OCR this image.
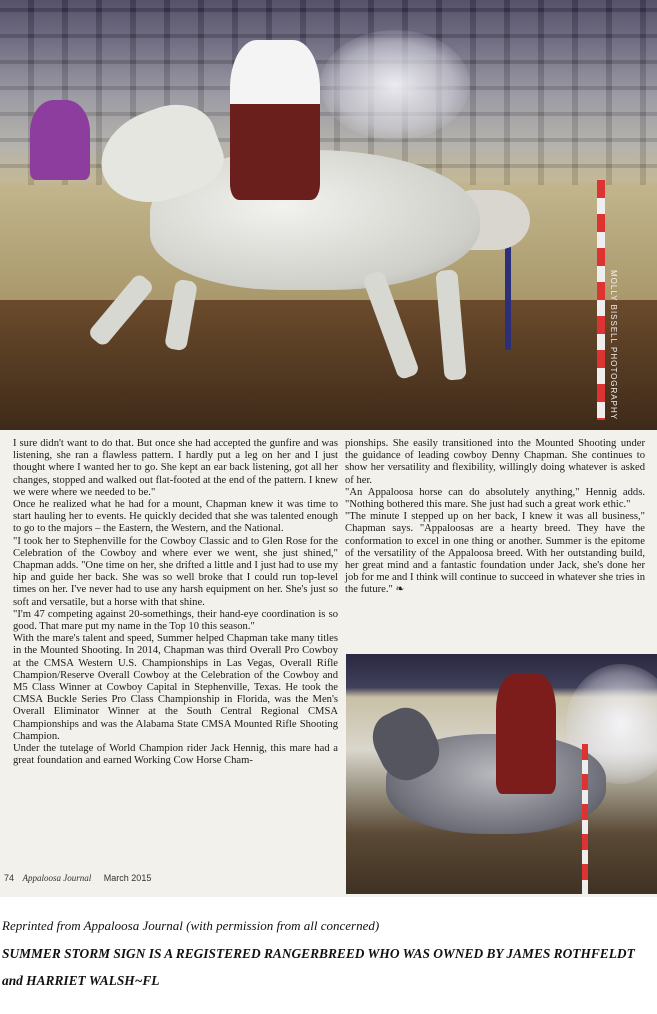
MOLLY BISSELL PHOTOGRAPHY
I sure didn't want to do that. But once she had accepted the gunfire and was listening, she ran a flawless pattern. I hardly put a leg on her and I just thought where I wanted her to go. She kept an ear back listening, got all her changes, stopped and walked out flat-footed at the end of the pattern. I knew we were where we needed to be."
Once he realized what he had for a mount, Chapman knew it was time to start hauling her to events. He quickly decided that she was talented enough to go to the majors – the Eastern, the Western, and the National.
"I took her to Stephenville for the Cowboy Classic and to Glen Rose for the Celebration of the Cowboy and where ever we went, she just shined," Chapman adds. "One time on her, she drifted a little and I just had to use my hip and guide her back. She was so well broke that I could run top-level times on her. I've never had to use any harsh equipment on her. She's just so soft and versatile, but a horse with that shine.
"I'm 47 competing against 20-somethings, their hand-eye coordination is so good. That mare put my name in the Top 10 this season."
With the mare's talent and speed, Summer helped Chapman take many titles in the Mounted Shooting. In 2014, Chapman was third Overall Pro Cowboy at the CMSA Western U.S. Championships in Las Vegas, Overall Rifle Champion/Reserve Overall Cowboy at the Celebration of the Cowboy and M5 Class Winner at Cowboy Capital in Stephenville, Texas. He took the CMSA Buckle Series Pro Class Championship in Florida, was the Men's Overall Eliminator Winner at the South Central Regional CMSA Championships and was the Alabama State CMSA Mounted Rifle Shooting Champion.
Under the tutelage of World Champion rider Jack Hennig, this mare had a great foundation and earned Working Cow Horse Cham-
pionships. She easily transitioned into the Mounted Shooting under the guidance of leading cowboy Denny Chapman. She continues to show her versatility and flexibility, willingly doing whatever is asked of her.
"An Appaloosa horse can do absolutely anything," Hennig adds. "Nothing bothered this mare. She just had such a great work ethic."
"The minute I stepped up on her back, I knew it was all business," Chapman says. "Appaloosas are a hearty breed. They have the conformation to excel in one thing or another. Summer is the epitome of the versatility of the Appaloosa breed. With her outstanding build, her great mind and a fantastic foundation under Jack, she's done her job for me and I think will continue to succeed in whatever she tries in the future." ❧
74 Appaloosa Journal March 2015
Reprinted from Appaloosa Journal (with permission from all concerned)
SUMMER STORM SIGN IS A REGISTERED RANGERBREED WHO WAS OWNED BY JAMES ROTHFELDT and HARRIET WALSH~FL
